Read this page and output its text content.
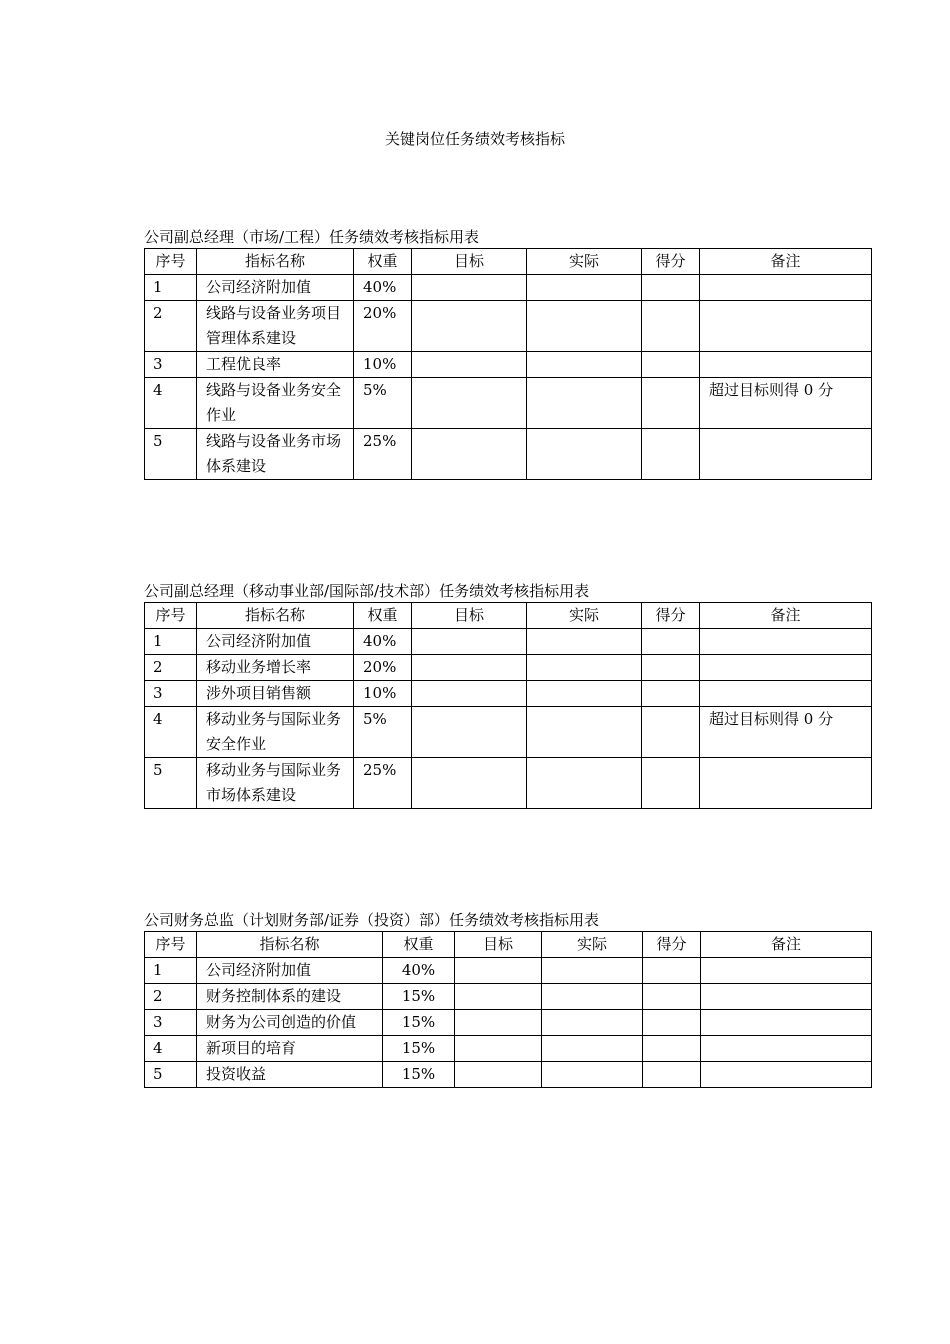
关键岗位任务绩效考核指标
公司副总经理（市场/工程）任务绩效考核指标用表
序号	指标名称	权重	目标	实际	得分	备注
1	公司经济附加值	40%				
2	线路与设备业务项目管理体系建设	20%				
3	工程优良率	10%				
4	线路与设备业务安全作业	5%				超过目标则得 0 分
5	线路与设备业务市场体系建设	25%				
公司副总经理（移动事业部/国际部/技术部）任务绩效考核指标用表
序号	指标名称	权重	目标	实际	得分	备注
1	公司经济附加值	40%				
2	移动业务增长率	20%				
3	涉外项目销售额	10%				
4	移动业务与国际业务安全作业	5%				超过目标则得 0 分
5	移动业务与国际业务市场体系建设	25%				
公司财务总监（计划财务部/证券（投资）部）任务绩效考核指标用表
序号	指标名称	权重	目标	实际	得分	备注
1	公司经济附加值	40%				
2	财务控制体系的建设	15%				
3	财务为公司创造的价值	15%				
4	新项目的培育	15%				
5	投资收益	15%				
